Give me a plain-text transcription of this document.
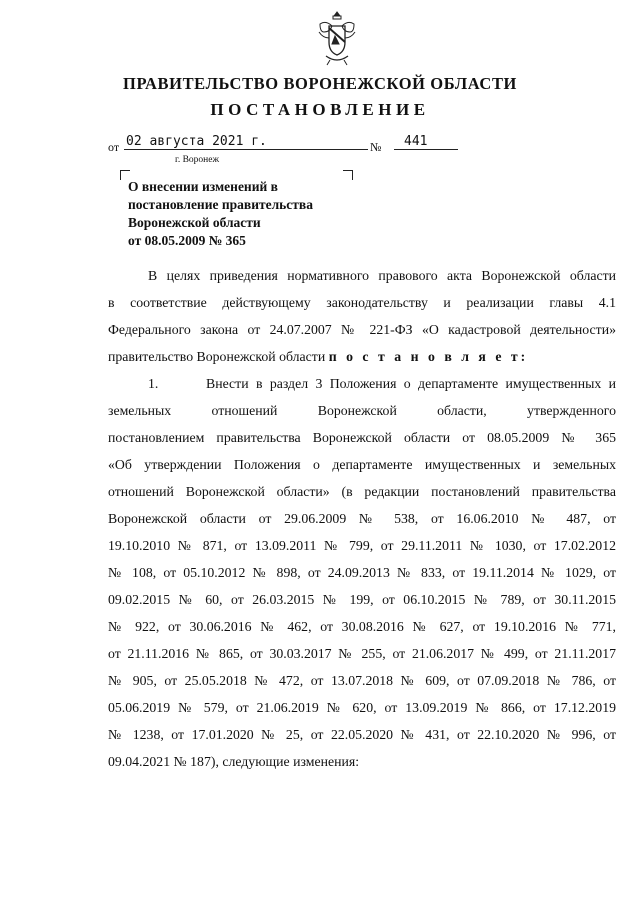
ПРАВИТЕЛЬСТВО ВОРОНЕЖСКОЙ ОБЛАСТИ
ПОСТАНОВЛЕНИЕ
от 02 августа 2021 г.	№	441
г. Воронеж
О внесении изменений в
постановление правительства
Воронежской области
от 08.05.2009 № 365
В целях приведения нормативного правового акта Воронежской области
в соответствие действующему законодательству и реализации главы 4.1
Федерального закона от 24.07.2007 № 221-ФЗ «О кадастровой деятельности»
правительство Воронежской области п о с т а н о в л я е т:
1.	Внести в раздел 3 Положения о департаменте имущественных и
земельных отношений Воронежской области, утвержденного
постановлением правительства Воронежской области от 08.05.2009 № 365
«Об утверждении Положения о департаменте имущественных и земельных
отношений Воронежской области» (в редакции постановлений правительства
Воронежской области от 29.06.2009 № 538, от 16.06.2010 № 487, от
19.10.2010 № 871, от 13.09.2011 № 799, от 29.11.2011 № 1030, от 17.02.2012
№ 108, от 05.10.2012 № 898, от 24.09.2013 № 833, от 19.11.2014 № 1029, от
09.02.2015 № 60, от 26.03.2015 № 199, от 06.10.2015 № 789, от 30.11.2015
№ 922, от 30.06.2016 № 462, от 30.08.2016 № 627, от 19.10.2016 № 771,
от 21.11.2016 № 865, от 30.03.2017 № 255, от 21.06.2017 № 499, от 21.11.2017
№ 905, от 25.05.2018 № 472, от 13.07.2018 № 609, от 07.09.2018 № 786, от
05.06.2019 № 579, от 21.06.2019 № 620, от 13.09.2019 № 866, от 17.12.2019
№ 1238, от 17.01.2020 № 25, от 22.05.2020 № 431, от 22.10.2020 № 996, от
09.04.2021 № 187), следующие изменения:
